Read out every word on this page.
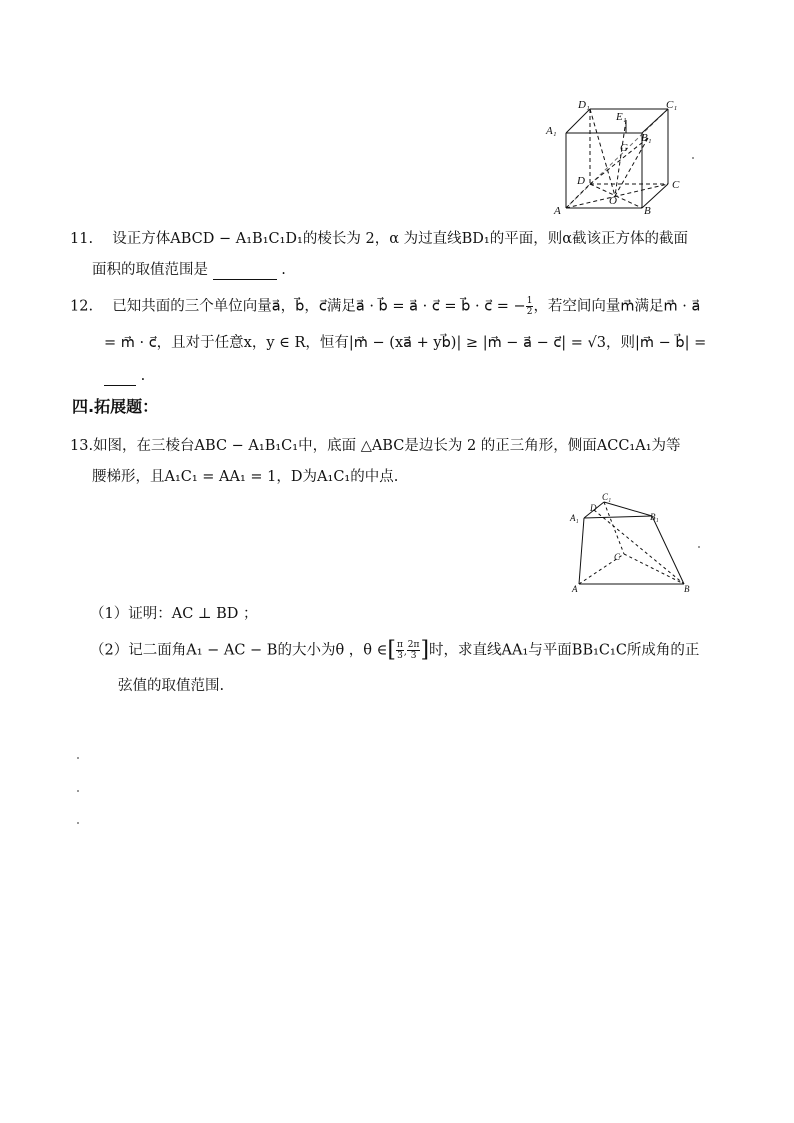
D₁	C₁
A₁
E₁
B₁
G
D	C
A
O
B
11. 设正方体ABCD − A₁B₁C₁D₁的棱长为 2，α 为过直线BD₁的平面，则α截该正方体的截面
面积的取值范围是	.
12. 已知共面的三个单位向量a⃗，b⃗，c⃗满足a⃗ · b⃗ = a⃗ · c⃗ = b⃗ · c⃗ = − $\frac{1}{2}$ ，若空间向量m⃗满足m⃗ · a⃗
= m⃗ · c⃗，且对于任意x，y ∈ R，恒有|m⃗ − (xa⃗ + yb⃗)| ≥ |m⃗ − a⃗ − c⃗| = √3，则|m⃗ − b⃗| =
.
四.拓展题：
13.如图，在三棱台ABC − A₁B₁C₁中，底面 △ABC是边长为 2 的正三角形，侧面ACC₁A₁为等
腰梯形，且A₁C₁ = AA₁ = 1，D为A₁C₁的中点.
C₁
D
A₁	B₁
C
A	B
（1）证明：AC ⊥ BD ；
（2）记二面角A₁ − AC − B的大小为θ ，θ ∈[ $\frac{\pi}{3}$ , $\frac{2\pi}{3}$ ]时，求直线AA₁与平面BB₁C₁C所成角的正
弦值的取值范围.
